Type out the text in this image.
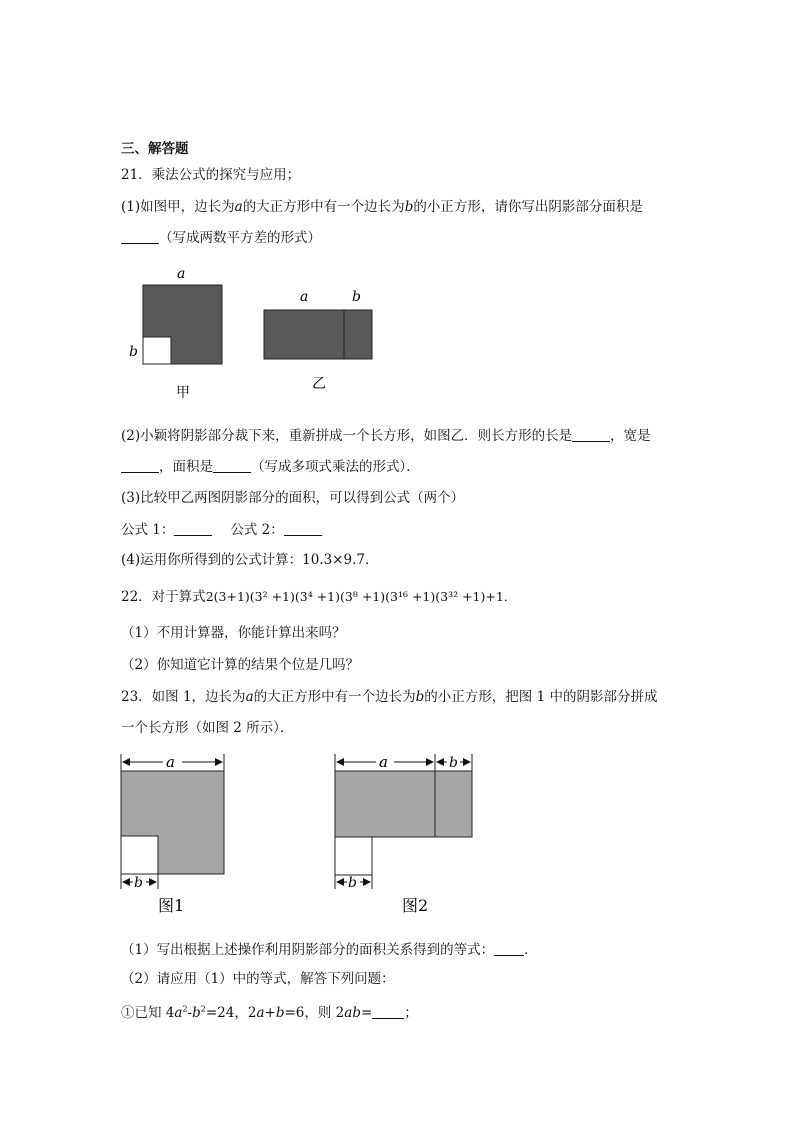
三、解答题
21．乘法公式的探究与应用；
(1)如图甲，边长为a的大正方形中有一个边长为b的小正方形，请你写出阴影部分面积是
（写成两数平方差的形式）
a
b
甲
a	b
乙
(2)小颖将阴影部分裁下来，重新拼成一个长方形，如图乙．则长方形的长是	，宽是
，面积是	（写成多项式乘法的形式）．
(3)比较甲乙两图阴影部分的面积，可以得到公式（两个）
公式 1：	公式 2：
(4)运用你所得到的公式计算：10.3×9.7．
22．对于算式2(3+1)(3² +1)(3⁴ +1)(3⁸ +1)(3¹⁶ +1)(3³² +1)+1．
（1）不用计算器，你能计算出来吗？
（2）你知道它计算的结果个位是几吗？
23．如图 1，边长为a的大正方形中有一个边长为b的小正方形，把图 1 中的阴影部分拼成
一个长方形（如图 2 所示）．
a
b
图1
a	b
b
图2
（1）写出根据上述操作利用阴影部分的面积关系得到的等式： ．
（2）请应用（1）中的等式，解答下列问题：
①已知 $4a^2-b^2=24$，2a+b=6，则 2ab= ；
